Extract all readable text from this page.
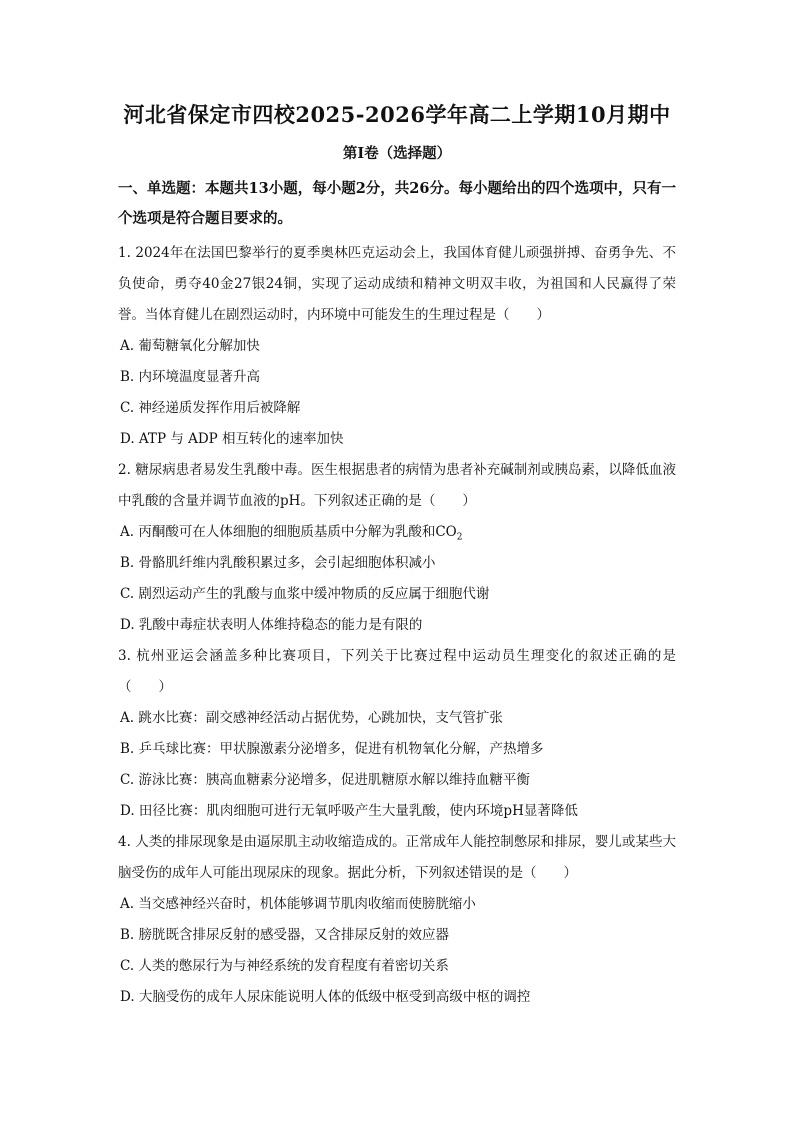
河北省保定市四校2025-2026学年高二上学期10月期中
第I卷（选择题）
一、单选题：本题共13小题，每小题2分，共26分。每小题给出的四个选项中，只有一个选项是符合题目要求的。

1. 2024年在法国巴黎举行的夏季奥林匹克运动会上，我国体育健儿顽强拼搏、奋勇争先、不负使命，勇夺40金27银24铜，实现了运动成绩和精神文明双丰收，为祖国和人民赢得了荣誉。当体育健儿在剧烈运动时，内环境中可能发生的生理过程是（　　）

A. 葡萄糖氧化分解加快

B. 内环境温度显著升高

C. 神经递质发挥作用后被降解

D. ATP 与 ADP 相互转化的速率加快

2. 糖尿病患者易发生乳酸中毒。医生根据患者的病情为患者补充碱制剂或胰岛素，以降低血液中乳酸的含量并调节血液的pH。下列叙述正确的是（　　）

A. 丙酮酸可在人体细胞的细胞质基质中分解为乳酸和$CO_2$

B. 骨骼肌纤维内乳酸积累过多，会引起细胞体积减小

C. 剧烈运动产生的乳酸与血浆中缓冲物质的反应属于细胞代谢

D. 乳酸中毒症状表明人体维持稳态的能力是有限的

3. 杭州亚运会涵盖多种比赛项目，下列关于比赛过程中运动员生理变化的叙述正确的是（　　）

A. 跳水比赛：副交感神经活动占据优势，心跳加快，支气管扩张

B. 乒乓球比赛：甲状腺激素分泌增多，促进有机物氧化分解，产热增多

C. 游泳比赛：胰高血糖素分泌增多，促进肌糖原水解以维持血糖平衡

D. 田径比赛：肌肉细胞可进行无氧呼吸产生大量乳酸，使内环境pH显著降低

4. 人类的排尿现象是由逼尿肌主动收缩造成的。正常成年人能控制憋尿和排尿，婴儿或某些大脑受伤的成年人可能出现尿床的现象。据此分析，下列叙述错误的是（　　）

A. 当交感神经兴奋时，机体能够调节肌肉收缩而使膀胱缩小

B. 膀胱既含排尿反射的感受器，又含排尿反射的效应器

C. 人类的憋尿行为与神经系统的发育程度有着密切关系

D. 大脑受伤的成年人尿床能说明人体的低级中枢受到高级中枢的调控
